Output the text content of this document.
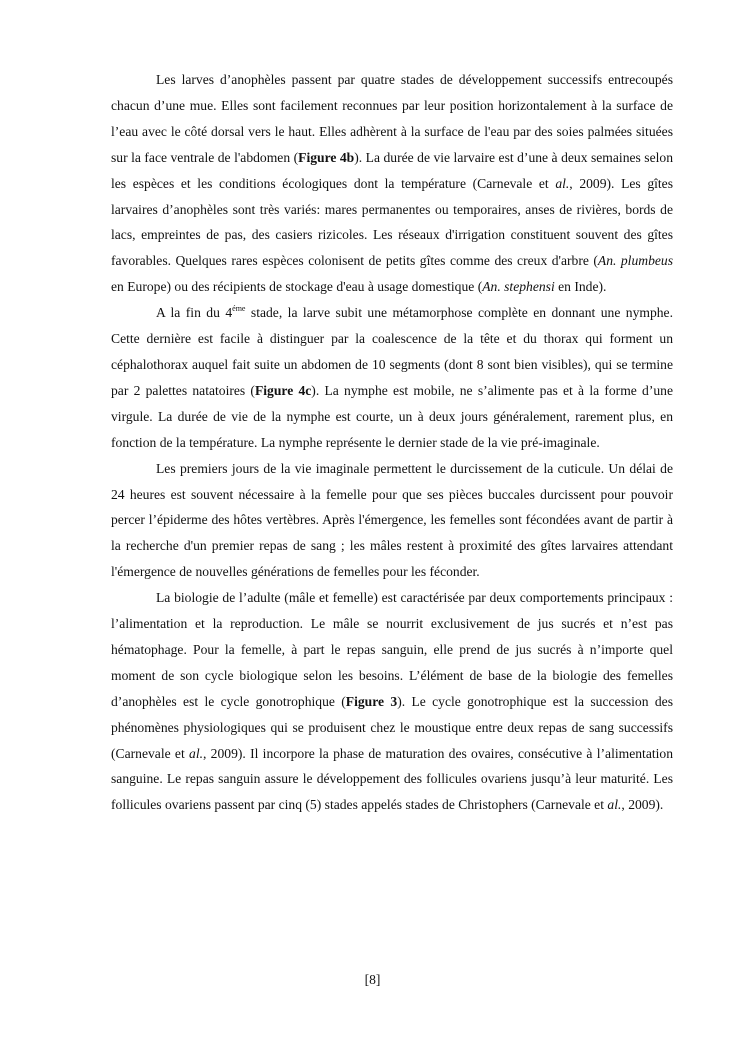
Les larves d’anophèles passent par quatre stades de développement successifs entrecoupés chacun d’une mue. Elles sont facilement reconnues par leur position horizontalement à la surface de l’eau avec le côté dorsal vers le haut. Elles adhèrent à la surface de l'eau par des soies palmées situées sur la face ventrale de l'abdomen (Figure 4b). La durée de vie larvaire est d’une à deux semaines selon les espèces et les conditions écologiques dont la température (Carnevale et al., 2009). Les gîtes larvaires d’anophèles sont très variés: mares permanentes ou temporaires, anses de rivières, bords de lacs, empreintes de pas, des casiers rizicoles. Les réseaux d'irrigation constituent souvent des gîtes favorables. Quelques rares espèces colonisent de petits gîtes comme des creux d'arbre (An. plumbeus en Europe) ou des récipients de stockage d'eau à usage domestique (An. stephensi en Inde).

A la fin du $4^{éme}$ stade, la larve subit une métamorphose complète en donnant une nymphe. Cette dernière est facile à distinguer par la coalescence de la tête et du thorax qui forment un céphalothorax auquel fait suite un abdomen de 10 segments (dont 8 sont bien visibles), qui se termine par 2 palettes natatoires (Figure 4c). La nymphe est mobile, ne s’alimente pas et à la forme d’une virgule. La durée de vie de la nymphe est courte, un à deux jours généralement, rarement plus, en fonction de la température. La nymphe représente le dernier stade de la vie pré-imaginale.

Les premiers jours de la vie imaginale permettent le durcissement de la cuticule. Un délai de 24 heures est souvent nécessaire à la femelle pour que ses pièces buccales durcissent pour pouvoir percer l’épiderme des hôtes vertèbres. Après l'émergence, les femelles sont fécondées avant de partir à la recherche d'un premier repas de sang ; les mâles restent à proximité des gîtes larvaires attendant l'émergence de nouvelles générations de femelles pour les féconder.

La biologie de l’adulte (mâle et femelle) est caractérisée par deux comportements principaux : l’alimentation et la reproduction. Le mâle se nourrit exclusivement de jus sucrés et n’est pas hématophage. Pour la femelle, à part le repas sanguin, elle prend de jus sucrés à n’importe quel moment de son cycle biologique selon les besoins. L’élément de base de la biologie des femelles d’anophèles est le cycle gonotrophique (Figure 3). Le cycle gonotrophique est la succession des phénomènes physiologiques qui se produisent chez le moustique entre deux repas de sang successifs (Carnevale et al., 2009). Il incorpore la phase de maturation des ovaires, consécutive à l’alimentation sanguine. Le repas sanguin assure le développement des follicules ovariens jusqu’à leur maturité. Les follicules ovariens passent par cinq (5) stades appelés stades de Christophers (Carnevale et al., 2009).

[8]
